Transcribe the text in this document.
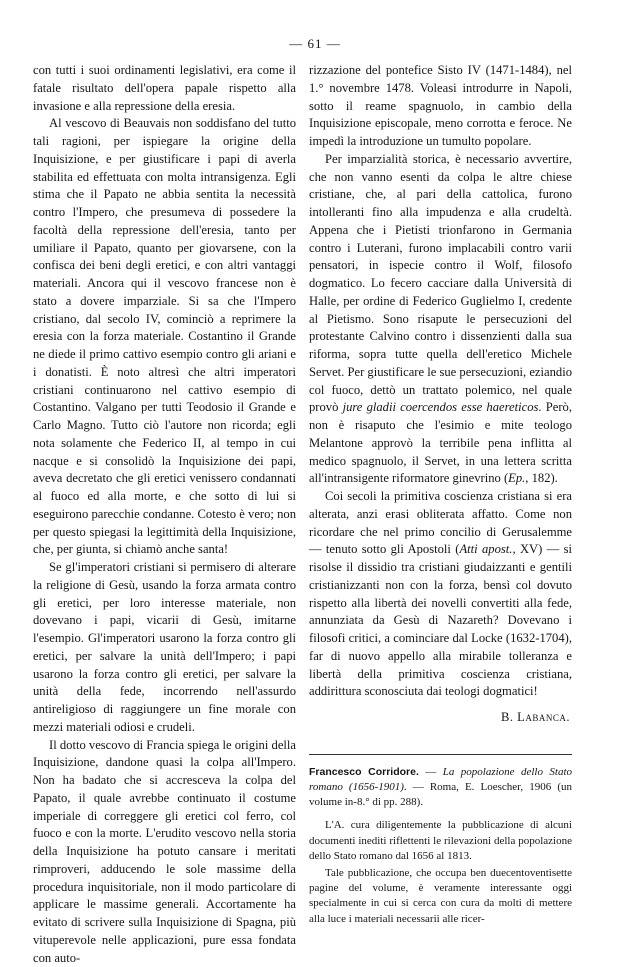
— 61 —

con tutti i suoi ordinamenti legislativi, era come il fatale risultato dell'opera papale rispetto alla invasione e alla repressione della eresia.

Al vescovo di Beauvais non soddisfano del tutto tali ragioni, per ispiegare la origine della Inquisizione, e per giustificare i papi di averla stabilita ed effettuata con molta intransigenza. Egli stima che il Papato ne abbia sentita la necessità contro l'Impero, che presumeva di possedere la facoltà della repressione dell'eresia, tanto per umiliare il Papato, quanto per giovarsene, con la confisca dei beni degli eretici, e con altri vantaggi materiali. Ancora qui il vescovo francese non è stato a dovere imparziale. Si sa che l'Impero cristiano, dal secolo IV, cominciò a reprimere la eresia con la forza materiale. Costantino il Grande ne diede il primo cattivo esempio contro gli ariani e i donatisti. È noto altresì che altri imperatori cristiani continuarono nel cattivo esempio di Costantino. Valgano per tutti Teodosio il Grande e Carlo Magno. Tutto ciò l'autore non ricorda; egli nota solamente che Federico II, al tempo in cui nacque e si consolidò la Inquisizione dei papi, aveva decretato che gli eretici venissero condannati al fuoco ed alla morte, e che sotto di lui si eseguirono parecchie condanne. Cotesto è vero; non per questo spiegasi la legittimità della Inquisizione, che, per giunta, si chiamò anche santa!

Se gl'imperatori cristiani si permisero di alterare la religione di Gesù, usando la forza armata contro gli eretici, per loro interesse materiale, non dovevano i papi, vicarii di Gesù, imitarne l'esempio. Gl'imperatori usarono la forza contro gli eretici, per salvare la unità dell'Impero; i papi usarono la forza contro gli eretici, per salvare la unità della fede, incorrendo nell'assurdo antireligioso di raggiungere un fine morale con mezzi materiali odiosi e crudeli.

Il dotto vescovo di Francia spiega le origini della Inquisizione, dandone quasi la colpa all'Impero. Non ha badato che si accresceva la colpa del Papato, il quale avrebbe continuato il costume imperiale di correggere gli eretici col ferro, col fuoco e con la morte. L'erudito vescovo nella storia della Inquisizione ha potuto cansare i meritati rimproveri, adducendo le sole massime della procedura inquisitoriale, non il modo particolare di applicare le massime generali. Accortamente ha evitato di scrivere sulla Inquisizione di Spagna, più vituperevole nelle applicazioni, pure essa fondata con auto-

rizzazione del pontefice Sisto IV (1471-1484), nel 1.° novembre 1478. Voleasi introdurre in Napoli, sotto il reame spagnuolo, in cambio della Inquisizione episcopale, meno corrotta e feroce. Ne impedì la introduzione un tumulto popolare.

Per imparzialità storica, è necessario avvertire, che non vanno esenti da colpa le altre chiese cristiane, che, al pari della cattolica, furono intolleranti fino alla impudenza e alla crudeltà. Appena che i Pietisti trionfarono in Germania contro i Luterani, furono implacabili contro varii pensatori, in ispecie contro il Wolf, filosofo dogmatico. Lo fecero cacciare dalla Università di Halle, per ordine di Federico Guglielmo I, credente al Pietismo. Sono risapute le persecuzioni del protestante Calvino contro i dissenzienti dalla sua riforma, sopra tutte quella dell'eretico Michele Servet. Per giustificare le sue persecuzioni, eziandio col fuoco, dettò un trattato polemico, nel quale provò jure gladii coercendos esse haereticos. Però, non è risaputo che l'esimio e mite teologo Melantone approvò la terribile pena inflitta al medico spagnuolo, il Servet, in una lettera scritta all'intransigente riformatore ginevrino (Ep., 182).

Coi secoli la primitiva coscienza cristiana si era alterata, anzi erasi obliterata affatto. Come non ricordare che nel primo concilio di Gerusalemme — tenuto sotto gli Apostoli (Atti apost., XV) — si risolse il dissidio tra cristiani giudaizzanti e gentili cristianizzanti non con la forza, bensì col dovuto rispetto alla libertà dei novelli convertiti alla fede, annunziata da Gesù di Nazareth? Dovevano i filosofi critici, a cominciare dal Locke (1632-1704), far di nuovo appello alla mirabile tolleranza e libertà della primitiva coscienza cristiana, addirittura sconosciuta dai teologi dogmatici!

B. Labanca.

Francesco Corridore. — La popolazione dello Stato romano (1656-1901). — Roma, E. Loescher, 1906 (un volume in-8.° di pp. 288).

L'A. cura diligentemente la pubblicazione di alcuni documenti inediti riflettenti le rilevazioni della popolazione dello Stato romano dal 1656 al 1813.

Tale pubblicazione, che occupa ben duecentoventisette pagine del volume, è veramente interessante oggi specialmente in cui si cerca con cura da molti di mettere alla luce i materiali necessarii alle ricer-
